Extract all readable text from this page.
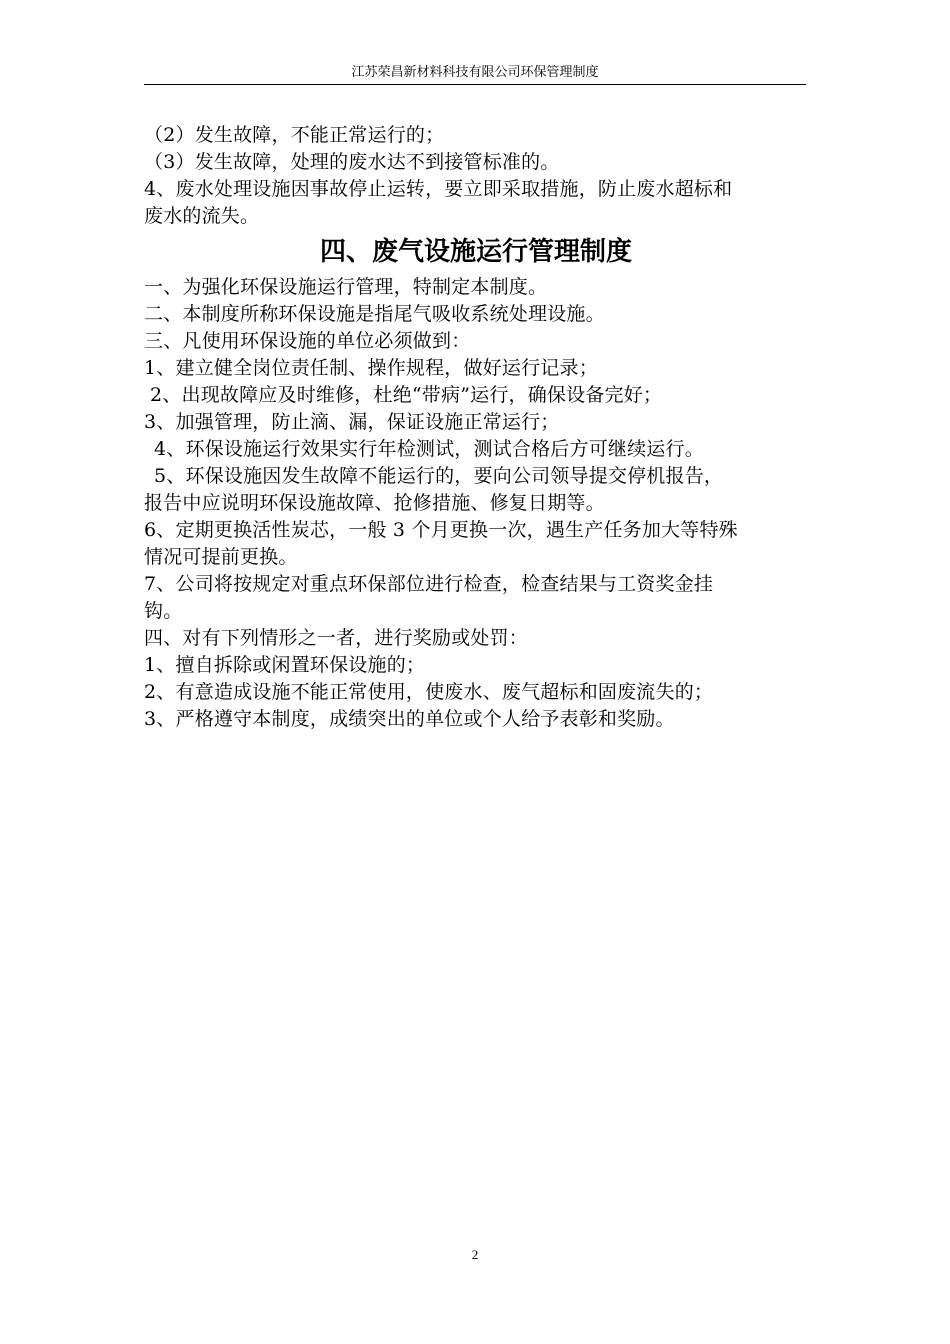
江苏荣昌新材料科技有限公司环保管理制度
（2）发生故障，不能正常运行的；
（3）发生故障，处理的废水达不到接管标准的。
4、废水处理设施因事故停止运转，要立即采取措施，防止废水超标和
废水的流失。
四、废气设施运行管理制度
一、为强化环保设施运行管理，特制定本制度。
二、本制度所称环保设施是指尾气吸收系统处理设施。
三、凡使用环保设施的单位必须做到：
1、建立健全岗位责任制、操作规程，做好运行记录；
2、出现故障应及时维修，杜绝“带病”运行，确保设备完好；
3、加强管理，防止滴、漏，保证设施正常运行；
4、环保设施运行效果实行年检测试，测试合格后方可继续运行。
5、环保设施因发生故障不能运行的，要向公司领导提交停机报告，
报告中应说明环保设施故障、抢修措施、修复日期等。
6、定期更换活性炭芯，一般 3 个月更换一次，遇生产任务加大等特殊
情况可提前更换。
7、公司将按规定对重点环保部位进行检查，检查结果与工资奖金挂
钩。
四、对有下列情形之一者，进行奖励或处罚：
1、擅自拆除或闲置环保设施的；
2、有意造成设施不能正常使用，使废水、废气超标和固废流失的；
3、严格遵守本制度，成绩突出的单位或个人给予表彰和奖励。
2
